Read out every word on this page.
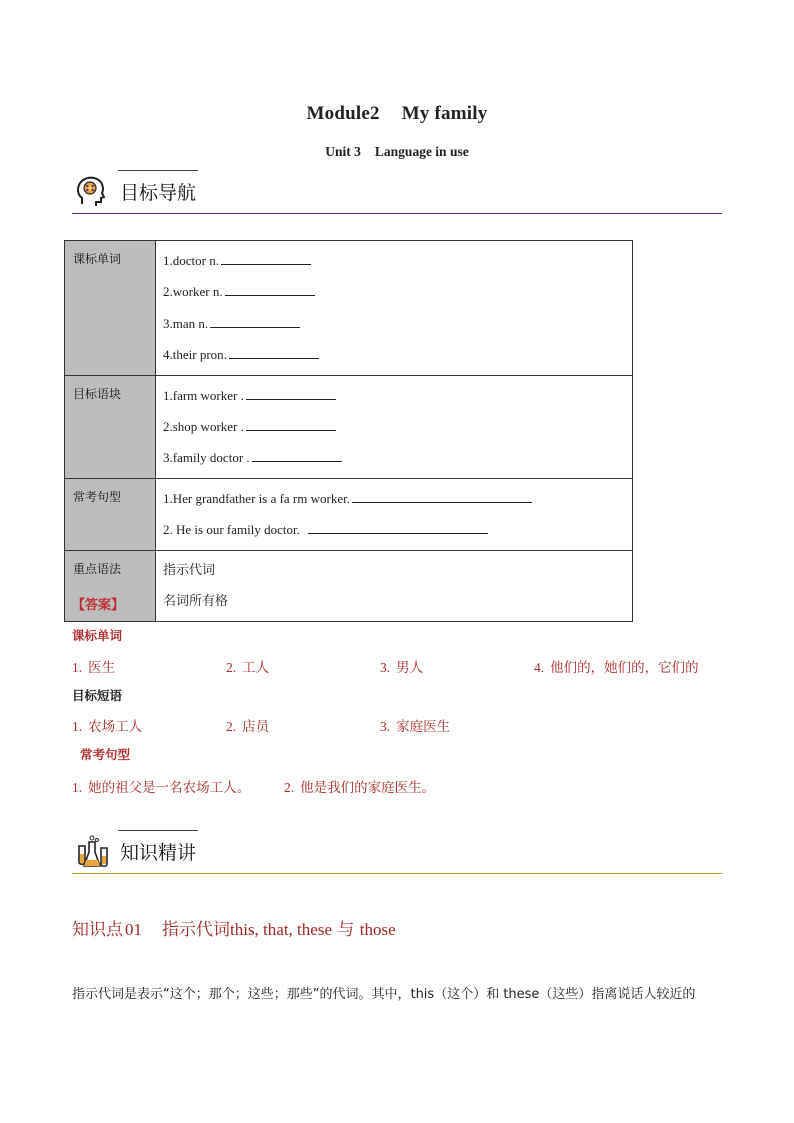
Module2 My family
Unit 3 Language in use
目标导航
课标单词	1.doctor n.
2.worker n.
3.man n.
4.their pron.

目标语块	1.farm worker .
2.shop worker .
3.family doctor .

常考句型	1.Her grandfather is a fa rm worker.
2. He is our family doctor.

重点语法	指示代词
名词所有格
【答案】
课标单词
1. 医生	2. 工人	3. 男人	4. 他们的，她们的，它们的
目标短语
1. 农场工人	2. 店员	3. 家庭医生
常考句型
1. 她的祖父是一名农场工人。	2. 他是我们的家庭医生。
知识精讲
知识点 01 指示代词this, that, these 与 those
指示代词是表示“这个；那个；这些；那些”的代词。其中，this（这个）和 these（这些）指离说话人较近的
